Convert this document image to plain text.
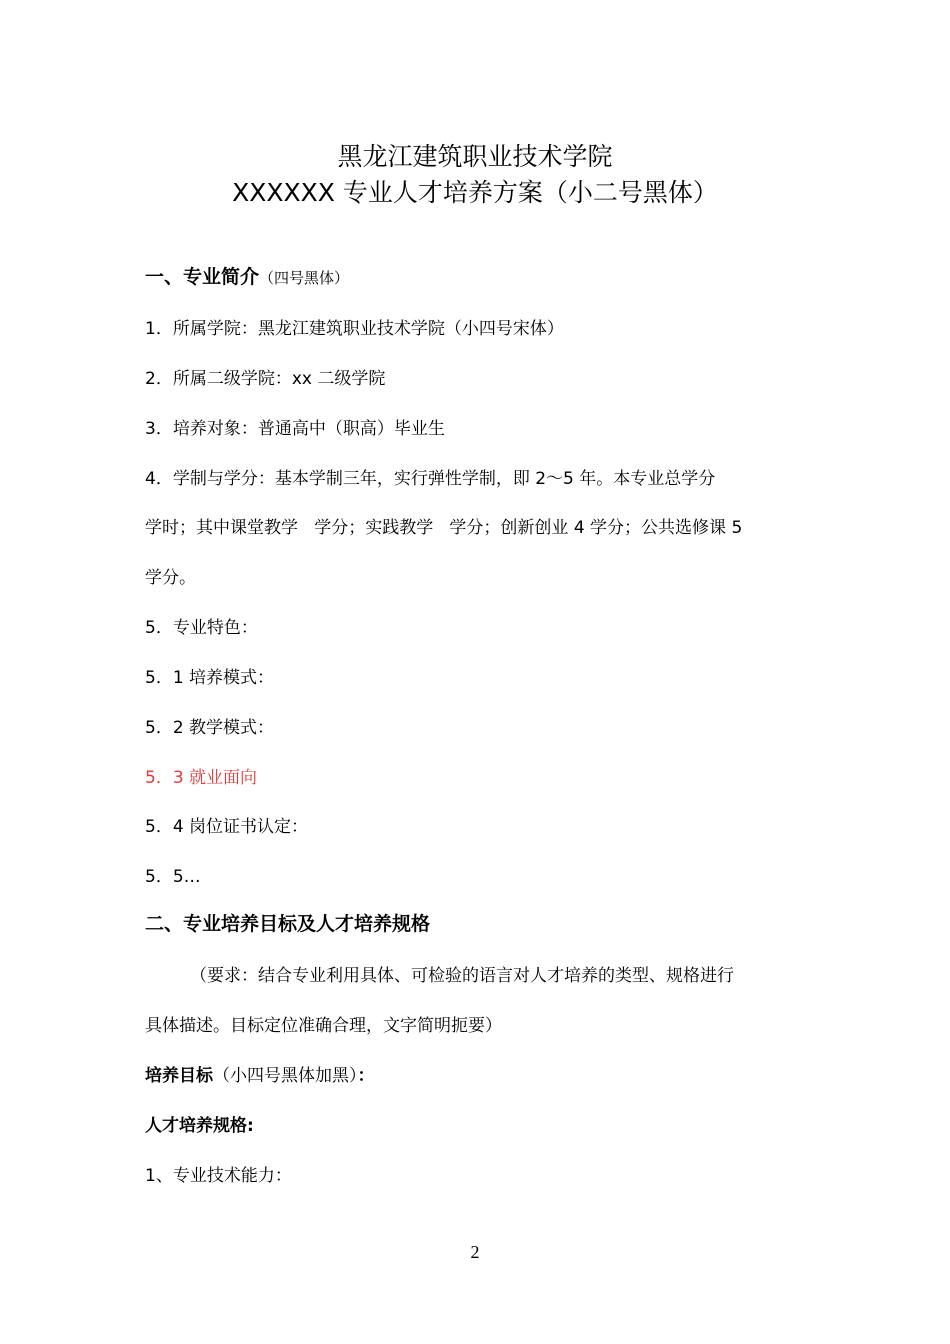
黑龙江建筑职业技术学院
XXXXXX 专业人才培养方案（小二号黑体）
一、专业简介（四号黑体）
1．所属学院：黑龙江建筑职业技术学院（小四号宋体）
2．所属二级学院：xx 二级学院
3．培养对象：普通高中（职高）毕业生
4．学制与学分：基本学制三年，实行弹性学制，即 2～5 年。本专业总学分
学时；其中课堂教学   学分；实践教学   学分；创新创业 4 学分；公共选修课 5
学分。
5．专业特色：
5．1 培养模式：
5．2 教学模式：
5．3 就业面向
5．4 岗位证书认定：
5．5…
二、专业培养目标及人才培养规格
（要求：结合专业利用具体、可检验的语言对人才培养的类型、规格进行
具体描述。目标定位准确合理，文字简明扼要）
培养目标（小四号黑体加黑）：
人才培养规格:
1、专业技术能力：
2
